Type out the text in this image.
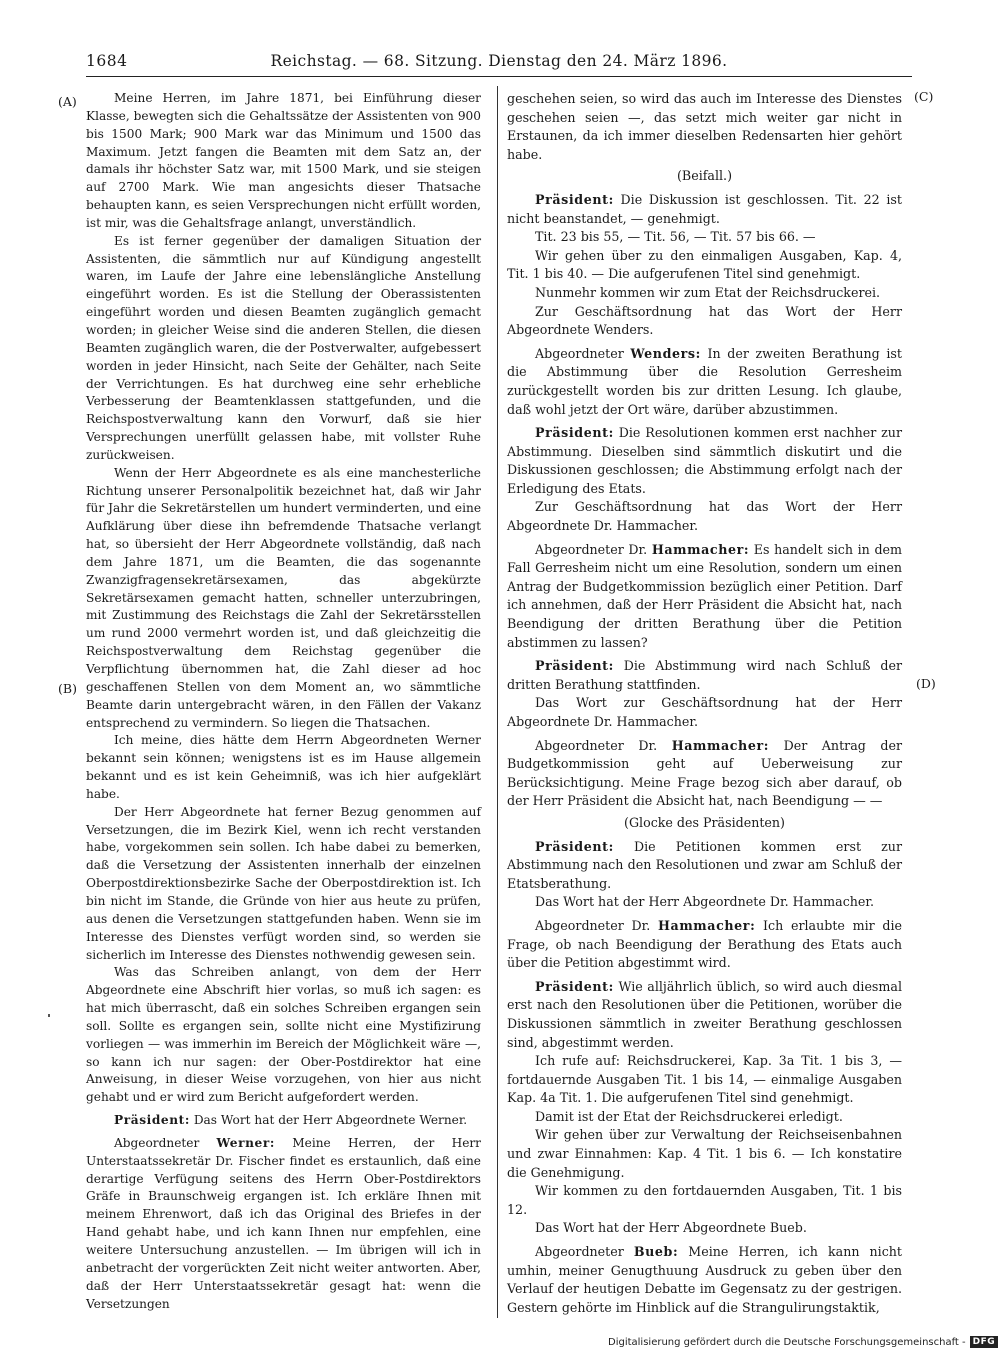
1684	Reichstag. — 68. Sitzung. Dienstag den 24. März 1896.
(A)
(B)
(C)
(D)

Meine Herren, im Jahre 1871, bei Einführung dieser Klasse, bewegten sich die Gehaltssätze der Assistenten von 900 bis 1500 Mark; 900 Mark war das Minimum und 1500 das Maximum. Jetzt fangen die Beamten mit dem Satz an, der damals ihr höchster Satz war, mit 1500 Mark, und sie steigen auf 2700 Mark. Wie man angesichts dieser Thatsache behaupten kann, es seien Versprechungen nicht erfüllt worden, ist mir, was die Gehaltsfrage anlangt, unverständlich.

Es ist ferner gegenüber der damaligen Situation der Assistenten, die sämmtlich nur auf Kündigung angestellt waren, im Laufe der Jahre eine lebenslängliche Anstellung eingeführt worden. Es ist die Stellung der Oberassistenten eingeführt worden und diesen Beamten zugänglich gemacht worden; in gleicher Weise sind die anderen Stellen, die diesen Beamten zugänglich waren, die der Postverwalter, aufgebessert worden in jeder Hinsicht, nach Seite der Gehälter, nach Seite der Verrichtungen. Es hat durchweg eine sehr erhebliche Verbesserung der Beamtenklassen stattgefunden, und die Reichspostverwaltung kann den Vorwurf, daß sie hier Versprechungen unerfüllt gelassen habe, mit vollster Ruhe zurückweisen.

Wenn der Herr Abgeordnete es als eine manchesterliche Richtung unserer Personalpolitik bezeichnet hat, daß wir Jahr für Jahr die Sekretärstellen um hundert verminderten, und eine Aufklärung über diese ihn befremdende Thatsache verlangt hat, so übersieht der Herr Abgeordnete vollständig, daß nach dem Jahre 1871, um die Beamten, die das sogenannte Zwanzigfragensekretärsexamen, das abgekürzte Sekretärsexamen gemacht hatten, schneller unterzubringen, mit Zustimmung des Reichstags die Zahl der Sekretärsstellen um rund 2000 vermehrt worden ist, und daß gleichzeitig die Reichspostverwaltung dem Reichstag gegenüber die Verpflichtung übernommen hat, die Zahl dieser ad hoc geschaffenen Stellen von dem Moment an, wo sämmtliche Beamte darin untergebracht wären, in den Fällen der Vakanz entsprechend zu vermindern. So liegen die Thatsachen.

Ich meine, dies hätte dem Herrn Abgeordneten Werner bekannt sein können; wenigstens ist es im Hause allgemein bekannt und es ist kein Geheimniß, was ich hier aufgeklärt habe.

Der Herr Abgeordnete hat ferner Bezug genommen auf Versetzungen, die im Bezirk Kiel, wenn ich recht verstanden habe, vorgekommen sein sollen. Ich habe dabei zu bemerken, daß die Versetzung der Assistenten innerhalb der einzelnen Oberpostdirektionsbezirke Sache der Oberpostdirektion ist. Ich bin nicht im Stande, die Gründe von hier aus heute zu prüfen, aus denen die Versetzungen stattgefunden haben. Wenn sie im Interesse des Dienstes verfügt worden sind, so werden sie sicherlich im Interesse des Dienstes nothwendig gewesen sein.

Was das Schreiben anlangt, von dem der Herr Abgeordnete eine Abschrift hier vorlas, so muß ich sagen: es hat mich überrascht, daß ein solches Schreiben ergangen sein soll. Sollte es ergangen sein, sollte nicht eine Mystifizirung vorliegen — was immerhin im Bereich der Möglichkeit wäre —, so kann ich nur sagen: der Ober-Postdirektor hat eine Anweisung, in dieser Weise vorzugehen, von hier aus nicht gehabt und er wird zum Bericht aufgefordert werden.

Präsident: Das Wort hat der Herr Abgeordnete Werner.

Abgeordneter Werner: Meine Herren, der Herr Unterstaatssekretär Dr. Fischer findet es erstaunlich, daß eine derartige Verfügung seitens des Herrn Ober-Postdirektors Gräfe in Braunschweig ergangen ist. Ich erkläre Ihnen mit meinem Ehrenwort, daß ich das Original des Briefes in der Hand gehabt habe, und ich kann Ihnen nur empfehlen, eine weitere Untersuchung anzustellen. — Im übrigen will ich in anbetracht der vorgerückten Zeit nicht weiter antworten. Aber, daß der Herr Unterstaatssekretär gesagt hat: wenn die Versetzungen

geschehen seien, so wird das auch im Interesse des Dienstes geschehen seien —, das setzt mich weiter gar nicht in Erstaunen, da ich immer dieselben Redensarten hier gehört habe.

(Beifall.)

Präsident: Die Diskussion ist geschlossen. Tit. 22 ist nicht beanstandet, — genehmigt.

Tit. 23 bis 55, — Tit. 56, — Tit. 57 bis 66. —

Wir gehen über zu den einmaligen Ausgaben, Kap. 4, Tit. 1 bis 40. — Die aufgerufenen Titel sind genehmigt.

Nunmehr kommen wir zum Etat der Reichsdruckerei.

Zur Geschäftsordnung hat das Wort der Herr Abgeordnete Wenders.

Abgeordneter Wenders: In der zweiten Berathung ist die Abstimmung über die Resolution Gerresheim zurückgestellt worden bis zur dritten Lesung. Ich glaube, daß wohl jetzt der Ort wäre, darüber abzustimmen.

Präsident: Die Resolutionen kommen erst nachher zur Abstimmung. Dieselben sind sämmtlich diskutirt und die Diskussionen geschlossen; die Abstimmung erfolgt nach der Erledigung des Etats.

Zur Geschäftsordnung hat das Wort der Herr Abgeordnete Dr. Hammacher.

Abgeordneter Dr. Hammacher: Es handelt sich in dem Fall Gerresheim nicht um eine Resolution, sondern um einen Antrag der Budgetkommission bezüglich einer Petition. Darf ich annehmen, daß der Herr Präsident die Absicht hat, nach Beendigung der dritten Berathung über die Petition abstimmen zu lassen?

Präsident: Die Abstimmung wird nach Schluß der dritten Berathung stattfinden.

Das Wort zur Geschäftsordnung hat der Herr Abgeordnete Dr. Hammacher.

Abgeordneter Dr. Hammacher: Der Antrag der Budgetkommission geht auf Ueberweisung zur Berücksichtigung. Meine Frage bezog sich aber darauf, ob der Herr Präsident die Absicht hat, nach Beendigung — —

(Glocke des Präsidenten)

Präsident: Die Petitionen kommen erst zur Abstimmung nach den Resolutionen und zwar am Schluß der Etatsberathung.

Das Wort hat der Herr Abgeordnete Dr. Hammacher.

Abgeordneter Dr. Hammacher: Ich erlaubte mir die Frage, ob nach Beendigung der Berathung des Etats auch über die Petition abgestimmt wird.

Präsident: Wie alljährlich üblich, so wird auch diesmal erst nach den Resolutionen über die Petitionen, worüber die Diskussionen sämmtlich in zweiter Berathung geschlossen sind, abgestimmt werden.

Ich rufe auf: Reichsdruckerei, Kap. 3a Tit. 1 bis 3, — fortdauernde Ausgaben Tit. 1 bis 14, — einmalige Ausgaben Kap. 4a Tit. 1. Die aufgerufenen Titel sind genehmigt.

Damit ist der Etat der Reichsdruckerei erledigt.

Wir gehen über zur Verwaltung der Reichseisenbahnen und zwar Einnahmen: Kap. 4 Tit. 1 bis 6. — Ich konstatire die Genehmigung.

Wir kommen zu den fortdauernden Ausgaben, Tit. 1 bis 12.

Das Wort hat der Herr Abgeordnete Bueb.

Abgeordneter Bueb: Meine Herren, ich kann nicht umhin, meiner Genugthuung Ausdruck zu geben über den Verlauf der heutigen Debatte im Gegensatz zu der gestrigen. Gestern gehörte im Hinblick auf die Strangulirungstaktik,

Digitalisierung gefördert durch die Deutsche Forschungsgemeinschaft - DFG
